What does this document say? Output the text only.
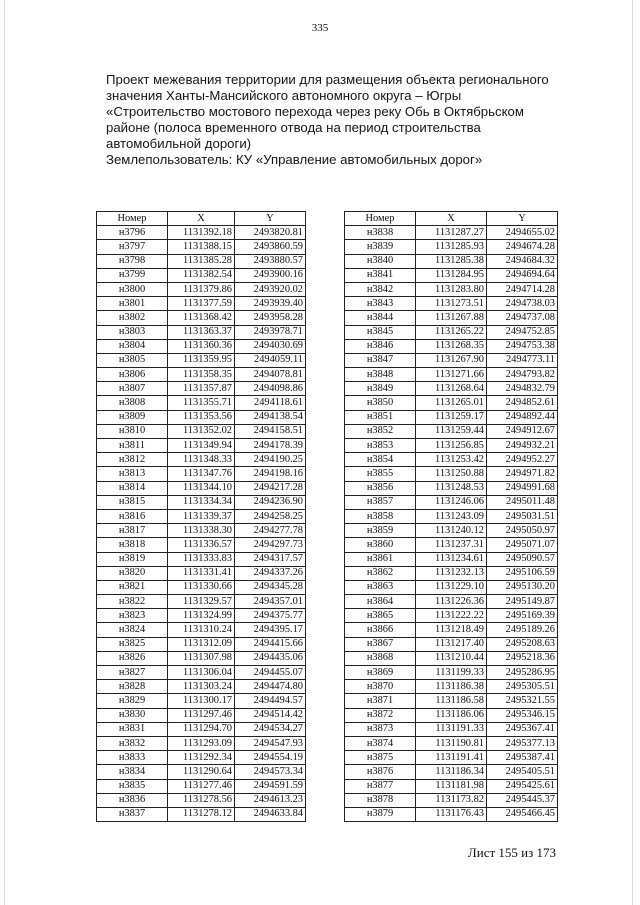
335
Проект межевания территории для размещения объекта регионального
значения Ханты-Мансийского автономного округа – Югры
«Строительство мостового перехода через реку Обь в Октябрьском
районе (полоса временного отвода на период строительства
автомобильной дороги)
Землепользователь: КУ «Управление автомобильных дорог»
Номер	X	Y
н3796	1131392.18	2493820.81
н3797	1131388.15	2493860.59
н3798	1131385.28	2493880.57
н3799	1131382.54	2493900.16
н3800	1131379.86	2493920.02
н3801	1131377.59	2493939.40
н3802	1131368.42	2493958.28
н3803	1131363.37	2493978.71
н3804	1131360.36	2494030.69
н3805	1131359.95	2494059.11
н3806	1131358.35	2494078.81
н3807	1131357.87	2494098.86
н3808	1131355.71	2494118.61
н3809	1131353.56	2494138.54
н3810	1131352.02	2494158.51
н3811	1131349.94	2494178.39
н3812	1131348.33	2494190.25
н3813	1131347.76	2494198.16
н3814	1131344.10	2494217.28
н3815	1131334.34	2494236.90
н3816	1131339.37	2494258.25
н3817	1131338.30	2494277.78
н3818	1131336.57	2494297.73
н3819	1131333.83	2494317.57
н3820	1131331.41	2494337.26
н3821	1131330.66	2494345.28
н3822	1131329.57	2494357.01
н3823	1131324.99	2494375.77
н3824	1131310.24	2494395.17
н3825	1131312.09	2494415.66
н3826	1131307.98	2494435.06
н3827	1131306.04	2494455.07
н3828	1131303.24	2494474.80
н3829	1131300.17	2494494.57
н3830	1131297.46	2494514.42
н3831	1131294.70	2494534.27
н3832	1131293.09	2494547.93
н3833	1131292.34	2494554.19
н3834	1131290.64	2494573.34
н3835	1131277.46	2494591.59
н3836	1131278.56	2494613.23
н3837	1131278.12	2494633.84
Номер	X	Y
н3838	1131287.27	2494655.02
н3839	1131285.93	2494674.28
н3840	1131285.38	2494684.32
н3841	1131284.95	2494694.64
н3842	1131283.80	2494714.28
н3843	1131273.51	2494738.03
н3844	1131267.88	2494737.08
н3845	1131265.22	2494752.85
н3846	1131268.35	2494753.38
н3847	1131267.90	2494773.11
н3848	1131271.66	2494793.82
н3849	1131268.64	2494832.79
н3850	1131265.01	2494852.61
н3851	1131259.17	2494892.44
н3852	1131259.44	2494912.67
н3853	1131256.85	2494932.21
н3854	1131253.42	2494952.27
н3855	1131250.88	2494971.82
н3856	1131248.53	2494991.68
н3857	1131246.06	2495011.48
н3858	1131243.09	2495031.51
н3859	1131240.12	2495050.97
н3860	1131237.31	2495071.07
н3861	1131234.61	2495090.57
н3862	1131232.13	2495106.59
н3863	1131229.10	2495130.20
н3864	1131226.36	2495149.87
н3865	1131222.22	2495169.39
н3866	1131218.49	2495189.26
н3867	1131217.40	2495208.63
н3868	1131210.44	2495218.36
н3869	1131199.33	2495286.95
н3870	1131186.38	2495305.51
н3871	1131186.58	2495321.55
н3872	1131186.06	2495346.15
н3873	1131191.33	2495367.41
н3874	1131190.81	2495377.13
н3875	1131191.41	2495387.41
н3876	1131186.34	2495405.51
н3877	1131181.98	2495425.61
н3878	1131173.82	2495445.37
н3879	1131176.43	2495466.45
Лист 155 из 173
